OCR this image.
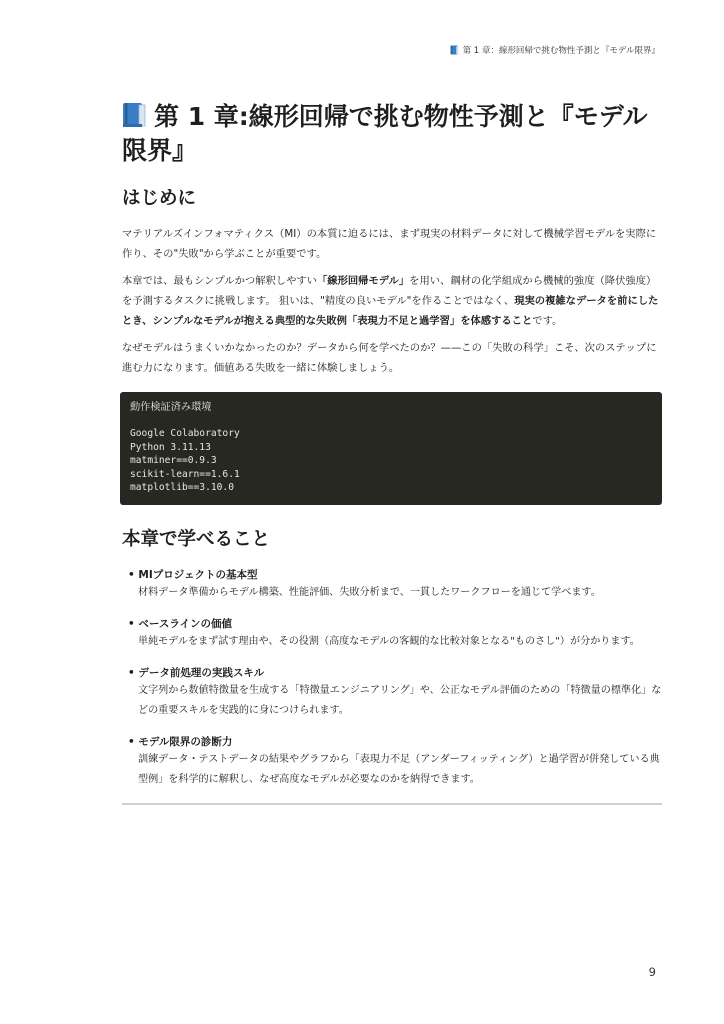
第 1 章：線形回帰で挑む物性予測と『モデル限界』
第 1 章:線形回帰で挑む物性予測と『モデル限界』
はじめに

マテリアルズインフォマティクス（MI）の本質に迫るには、まず現実の材料データに対して機械学習モデルを実際に作り、その"失敗"から学ぶことが重要です。

本章では、最もシンプルかつ解釈しやすい「線形回帰モデル」を用い、鋼材の化学組成から機械的強度（降伏強度）を予測するタスクに挑戦します。 狙いは、"精度の良いモデル"を作ることではなく、現実の複雑なデータを前にしたとき、シンプルなモデルが抱える典型的な失敗例「表現力不足と過学習」を体感することです。

なぜモデルはうまくいかなかったのか？データから何を学べたのか？——この「失敗の科学」こそ、次のステップに進む力になります。価値ある失敗を一緒に体験しましょう。

動作検証済み環境
Google Colaboratory
Python 3.11.13
matminer==0.9.3
scikit-learn==1.6.1
matplotlib==3.10.0
本章で学べること
• MIプロジェクトの基本型
材料データ準備からモデル構築、性能評価、失敗分析まで、一貫したワークフローを通じて学べます。
• ベースラインの価値
単純モデルをまず試す理由や、その役割（高度なモデルの客観的な比較対象となる"ものさし"）が分かります。
• データ前処理の実践スキル
文字列から数値特徴量を生成する「特徴量エンジニアリング」や、公正なモデル評価のための「特徴量の標準化」などの重要スキルを実践的に身につけられます。
• モデル限界の診断力
訓練データ・テストデータの結果やグラフから「表現力不足（アンダーフィッティング）と過学習が併発している典型例」を科学的に解釈し、なぜ高度なモデルが必要なのかを納得できます。
9
